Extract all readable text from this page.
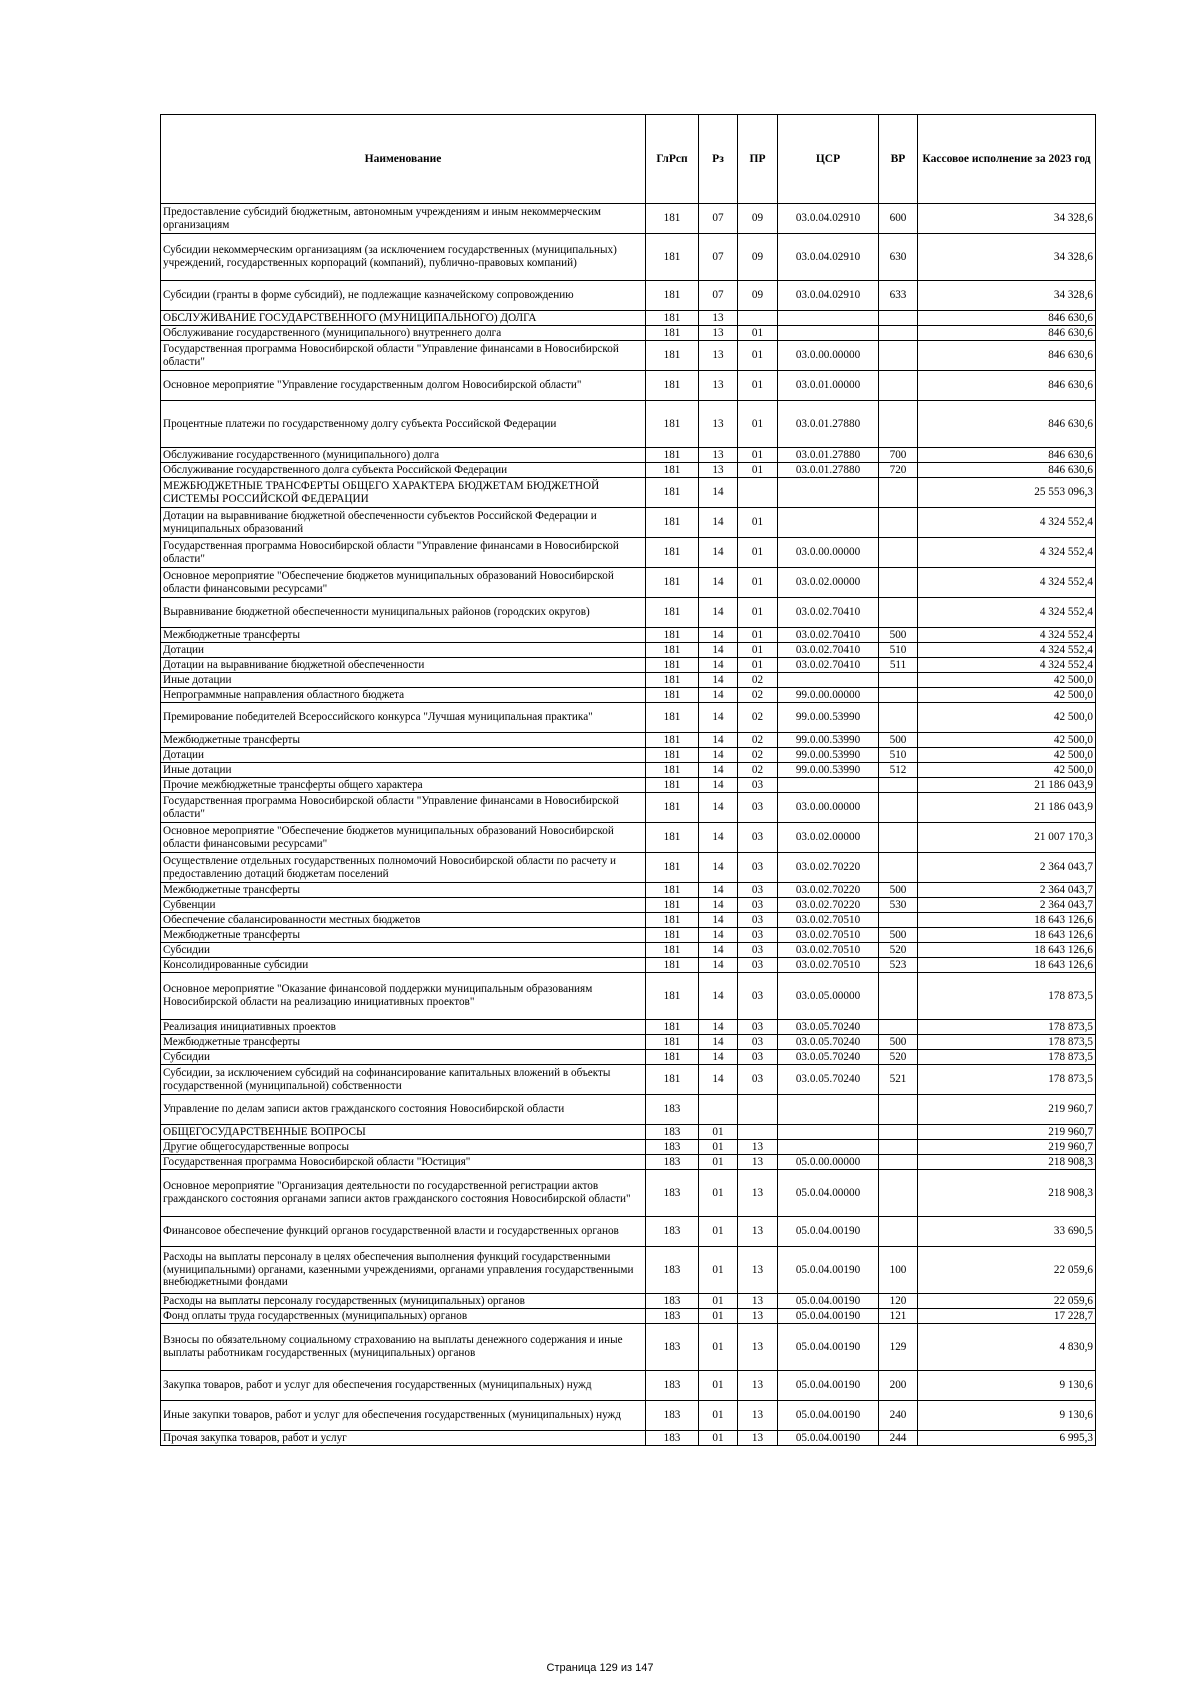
Наименование	ГлРсп	Рз	ПР	ЦСР	ВР	Кассовое исполнение за 2023 год
Предоставление субсидий бюджетным, автономным учреждениям и иным некоммерческим организациям	181	07	09	03.0.04.02910	600	34 328,6
Субсидии некоммерческим организациям (за исключением государственных (муниципальных) учреждений, государственных корпораций (компаний), публично-правовых компаний)	181	07	09	03.0.04.02910	630	34 328,6
Субсидии (гранты в форме субсидий), не подлежащие казначейскому сопровождению	181	07	09	03.0.04.02910	633	34 328,6
ОБСЛУЖИВАНИЕ ГОСУДАРСТВЕННОГО (МУНИЦИПАЛЬНОГО) ДОЛГА	181	13				846 630,6
Обслуживание государственного (муниципального) внутреннего долга	181	13	01			846 630,6
Государственная программа Новосибирской области "Управление финансами в Новосибирской области"	181	13	01	03.0.00.00000		846 630,6
Основное мероприятие "Управление государственным долгом Новосибирской области"	181	13	01	03.0.01.00000		846 630,6
Процентные платежи по государственному долгу субъекта Российской Федерации	181	13	01	03.0.01.27880		846 630,6
Обслуживание государственного (муниципального) долга	181	13	01	03.0.01.27880	700	846 630,6
Обслуживание государственного долга субъекта Российской Федерации	181	13	01	03.0.01.27880	720	846 630,6
МЕЖБЮДЖЕТНЫЕ ТРАНСФЕРТЫ ОБЩЕГО ХАРАКТЕРА БЮДЖЕТАМ БЮДЖЕТНОЙ СИСТЕМЫ РОССИЙСКОЙ ФЕДЕРАЦИИ	181	14				25 553 096,3
Дотации на выравнивание бюджетной обеспеченности субъектов Российской Федерации и муниципальных образований	181	14	01			4 324 552,4
Государственная программа Новосибирской области "Управление финансами в Новосибирской области"	181	14	01	03.0.00.00000		4 324 552,4
Основное мероприятие "Обеспечение бюджетов муниципальных образований Новосибирской области финансовыми ресурсами"	181	14	01	03.0.02.00000		4 324 552,4
Выравнивание бюджетной обеспеченности муниципальных районов (городских округов)	181	14	01	03.0.02.70410		4 324 552,4
Межбюджетные трансферты	181	14	01	03.0.02.70410	500	4 324 552,4
Дотации	181	14	01	03.0.02.70410	510	4 324 552,4
Дотации на выравнивание бюджетной обеспеченности	181	14	01	03.0.02.70410	511	4 324 552,4
Иные дотации	181	14	02			42 500,0
Непрограммные направления областного бюджета	181	14	02	99.0.00.00000		42 500,0
Премирование победителей Всероссийского конкурса "Лучшая муниципальная практика"	181	14	02	99.0.00.53990		42 500,0
Межбюджетные трансферты	181	14	02	99.0.00.53990	500	42 500,0
Дотации	181	14	02	99.0.00.53990	510	42 500,0
Иные дотации	181	14	02	99.0.00.53990	512	42 500,0
Прочие межбюджетные трансферты общего характера	181	14	03			21 186 043,9
Государственная программа Новосибирской области "Управление финансами в Новосибирской области"	181	14	03	03.0.00.00000		21 186 043,9
Основное мероприятие "Обеспечение бюджетов муниципальных образований Новосибирской области финансовыми ресурсами"	181	14	03	03.0.02.00000		21 007 170,3
Осуществление отдельных государственных полномочий Новосибирской области по расчету и предоставлению дотаций бюджетам поселений	181	14	03	03.0.02.70220		2 364 043,7
Межбюджетные трансферты	181	14	03	03.0.02.70220	500	2 364 043,7
Субвенции	181	14	03	03.0.02.70220	530	2 364 043,7
Обеспечение сбалансированности местных бюджетов	181	14	03	03.0.02.70510		18 643 126,6
Межбюджетные трансферты	181	14	03	03.0.02.70510	500	18 643 126,6
Субсидии	181	14	03	03.0.02.70510	520	18 643 126,6
Консолидированные субсидии	181	14	03	03.0.02.70510	523	18 643 126,6
Основное мероприятие "Оказание финансовой поддержки муниципальным образованиям Новосибирской области на реализацию инициативных проектов"	181	14	03	03.0.05.00000		178 873,5
Реализация инициативных проектов	181	14	03	03.0.05.70240		178 873,5
Межбюджетные трансферты	181	14	03	03.0.05.70240	500	178 873,5
Субсидии	181	14	03	03.0.05.70240	520	178 873,5
Субсидии, за исключением субсидий на софинансирование капитальных вложений в объекты государственной (муниципальной) собственности	181	14	03	03.0.05.70240	521	178 873,5
Управление по делам записи актов гражданского состояния Новосибирской области	183					219 960,7
ОБЩЕГОСУДАРСТВЕННЫЕ ВОПРОСЫ	183	01				219 960,7
Другие общегосударственные вопросы	183	01	13			219 960,7
Государственная программа Новосибирской области "Юстиция"	183	01	13	05.0.00.00000		218 908,3
Основное мероприятие "Организация деятельности по государственной регистрации актов гражданского состояния органами записи актов гражданского состояния Новосибирской области"	183	01	13	05.0.04.00000		218 908,3
Финансовое обеспечение функций органов государственной власти и государственных органов	183	01	13	05.0.04.00190		33 690,5
Расходы на выплаты персоналу в целях обеспечения выполнения функций государственными (муниципальными) органами, казенными учреждениями, органами управления государственными внебюджетными фондами	183	01	13	05.0.04.00190	100	22 059,6
Расходы на выплаты персоналу государственных (муниципальных) органов	183	01	13	05.0.04.00190	120	22 059,6
Фонд оплаты труда государственных (муниципальных) органов	183	01	13	05.0.04.00190	121	17 228,7
Взносы по обязательному социальному страхованию на выплаты денежного содержания и иные выплаты работникам государственных (муниципальных) органов	183	01	13	05.0.04.00190	129	4 830,9
Закупка товаров, работ и услуг для обеспечения государственных (муниципальных) нужд	183	01	13	05.0.04.00190	200	9 130,6
Иные закупки товаров, работ и услуг для обеспечения государственных (муниципальных) нужд	183	01	13	05.0.04.00190	240	9 130,6
Прочая закупка товаров, работ и услуг	183	01	13	05.0.04.00190	244	6 995,3
Страница 129 из 147
